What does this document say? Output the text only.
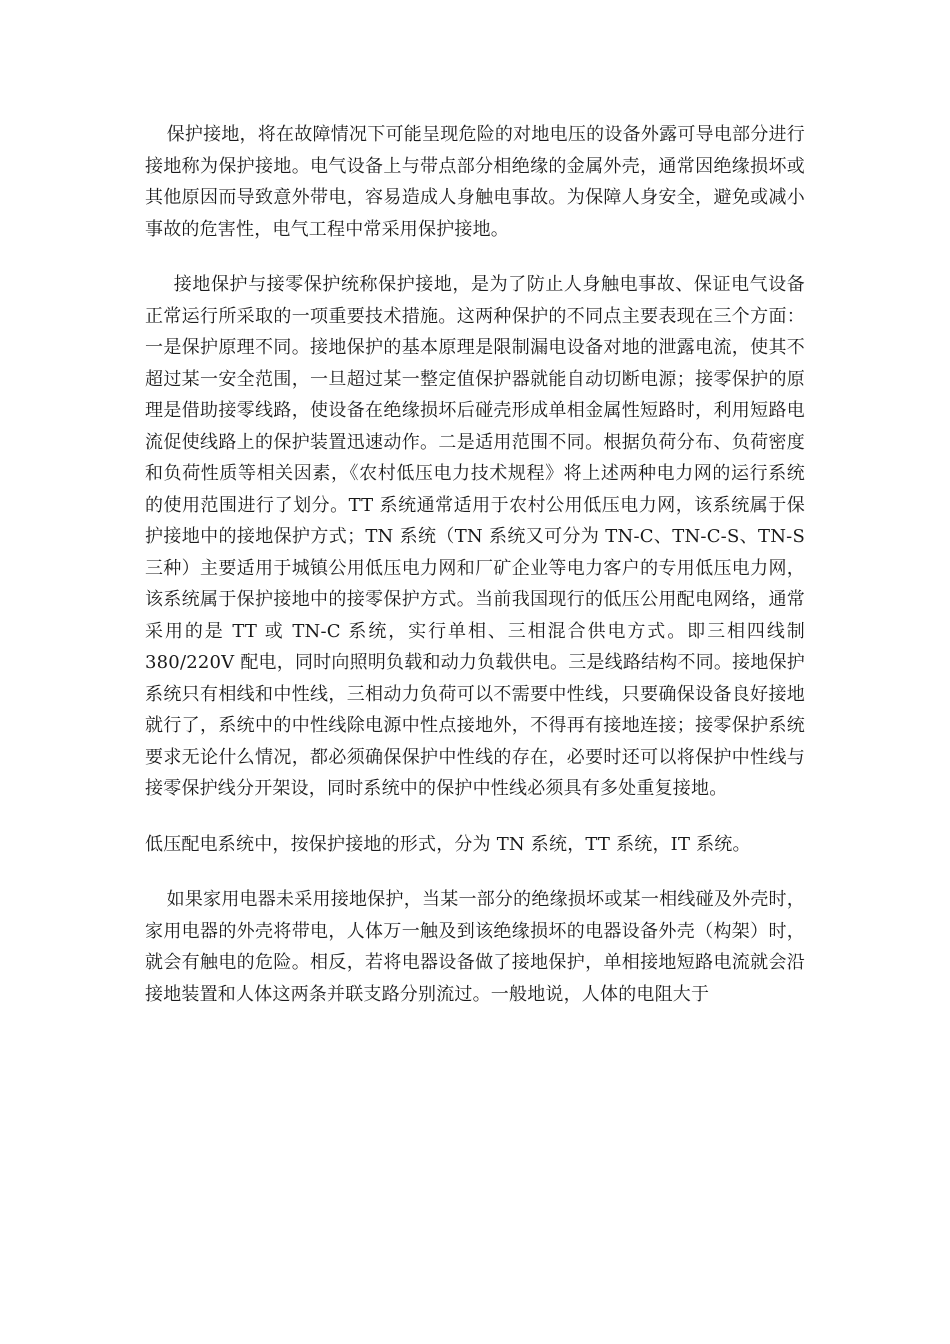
保护接地，将在故障情况下可能呈现危险的对地电压的设备外露可导电部分进行接地称为保护接地。电气设备上与带点部分相绝缘的金属外壳，通常因绝缘损坏或其他原因而导致意外带电，容易造成人身触电事故。为保障人身安全，避免或减小事故的危害性，电气工程中常采用保护接地。

接地保护与接零保护统称保护接地，是为了防止人身触电事故、保证电气设备正常运行所采取的一项重要技术措施。这两种保护的不同点主要表现在三个方面：一是保护原理不同。接地保护的基本原理是限制漏电设备对地的泄露电流，使其不超过某一安全范围，一旦超过某一整定值保护器就能自动切断电源；接零保护的原理是借助接零线路，使设备在绝缘损坏后碰壳形成单相金属性短路时，利用短路电流促使线路上的保护装置迅速动作。二是适用范围不同。根据负荷分布、负荷密度和负荷性质等相关因素，《农村低压电力技术规程》将上述两种电力网的运行系统的使用范围进行了划分。TT 系统通常适用于农村公用低压电力网，该系统属于保护接地中的接地保护方式；TN 系统（TN 系统又可分为 TN-C、TN-C-S、TN-S 三种）主要适用于城镇公用低压电力网和厂矿企业等电力客户的专用低压电力网，该系统属于保护接地中的接零保护方式。当前我国现行的低压公用配电网络，通常采用的是 TT 或 TN-C 系统，实行单相、三相混合供电方式。即三相四线制 380/220V 配电，同时向照明负载和动力负载供电。三是线路结构不同。接地保护系统只有相线和中性线，三相动力负荷可以不需要中性线，只要确保设备良好接地就行了，系统中的中性线除电源中性点接地外，不得再有接地连接；接零保护系统要求无论什么情况，都必须确保保护中性线的存在，必要时还可以将保护中性线与接零保护线分开架设，同时系统中的保护中性线必须具有多处重复接地。

低压配电系统中，按保护接地的形式，分为 TN 系统，TT 系统，IT 系统。

如果家用电器未采用接地保护，当某一部分的绝缘损坏或某一相线碰及外壳时，家用电器的外壳将带电，人体万一触及到该绝缘损坏的电器设备外壳（构架）时，就会有触电的危险。相反，若将电器设备做了接地保护，单相接地短路电流就会沿接地装置和人体这两条并联支路分别流过。一般地说，人体的电阻大于
